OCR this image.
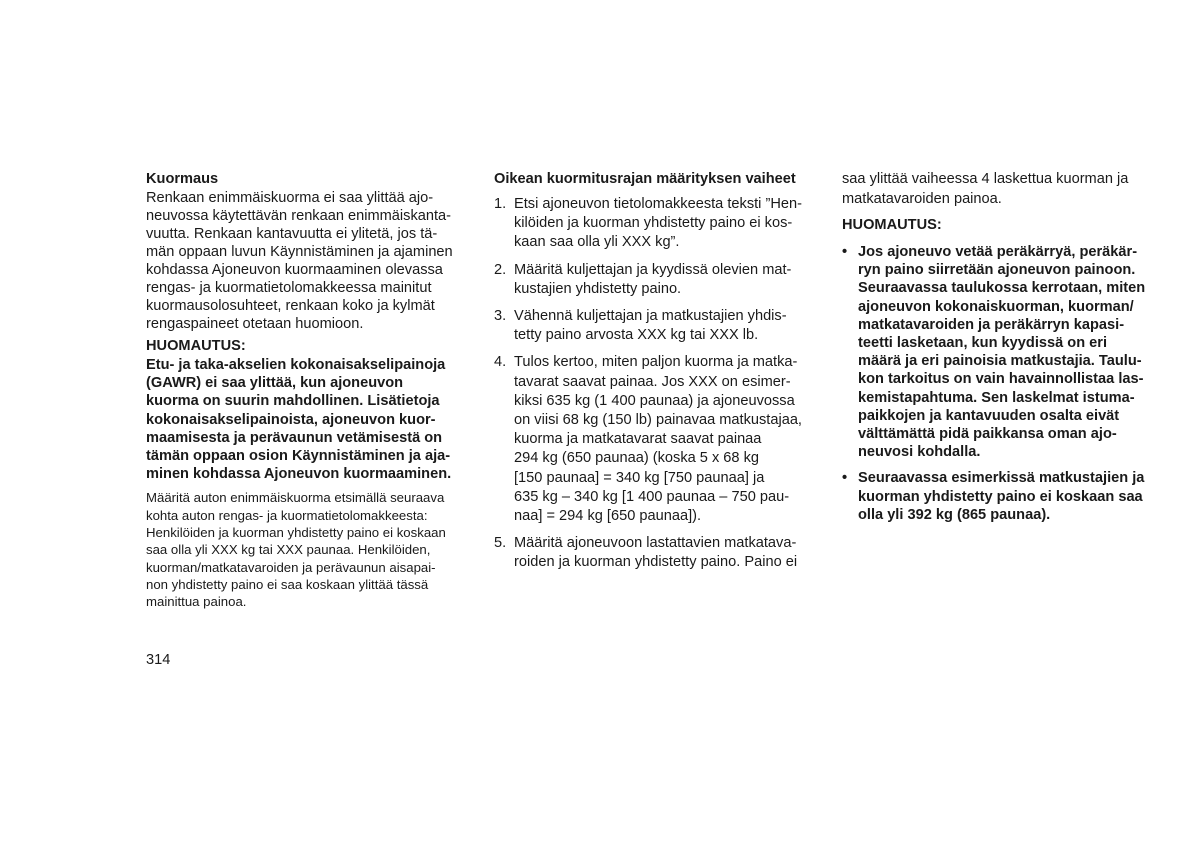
Kuormaus

Renkaan enimmäiskuorma ei saa ylittää ajo-
neuvossa käytettävän renkaan enimmäiskanta-
vuutta. Renkaan kantavuutta ei ylitetä, jos tä-
män oppaan luvun Käynnistäminen ja ajaminen
kohdassa Ajoneuvon kuormaaminen olevassa
rengas- ja kuormatietolomakkeessa mainitut
kuormausolosuhteet, renkaan koko ja kylmät
rengaspaineet otetaan huomioon.

HUOMAUTUS:

Etu- ja taka-akselien kokonaisakselipainoja
(GAWR) ei saa ylittää, kun ajoneuvon
kuorma on suurin mahdollinen. Lisätietoja
kokonaisakselipainoista, ajoneuvon kuor-
maamisesta ja perävaunun vetämisestä on
tämän oppaan osion Käynnistäminen ja aja-
minen kohdassa Ajoneuvon kuormaaminen.

Määritä auton enimmäiskuorma etsimällä seuraava
kohta auton rengas- ja kuormatietolomakkeesta:
Henkilöiden ja kuorman yhdistetty paino ei koskaan
saa olla yli XXX kg tai XXX paunaa. Henkilöiden,
kuorman/matkatavaroiden ja perävaunun aisapai-
non yhdistetty paino ei saa koskaan ylittää tässä
mainittua painoa.

Oikean kuormitusrajan määrityksen vaiheet
1. Etsi ajoneuvon tietolomakkeesta teksti ”Hen-
kilöiden ja kuorman yhdistetty paino ei kos-
kaan saa olla yli XXX kg”.
2. Määritä kuljettajan ja kyydissä olevien mat-
kustajien yhdistetty paino.
3. Vähennä kuljettajan ja matkustajien yhdis-
tetty paino arvosta XXX kg tai XXX lb.
4. Tulos kertoo, miten paljon kuorma ja matka-
tavarat saavat painaa. Jos XXX on esimer-
kiksi 635 kg (1 400 paunaa) ja ajoneuvossa
on viisi 68 kg (150 lb) painavaa matkustajaa,
kuorma ja matkatavarat saavat painaa
294 kg (650 paunaa) (koska 5 x 68 kg
[150 paunaa] = 340 kg [750 paunaa] ja
635 kg – 340 kg [1 400 paunaa – 750 pau-
naa] = 294 kg [650 paunaa]).
5. Määritä ajoneuvoon lastattavien matkatava-
roiden ja kuorman yhdistetty paino. Paino ei

saa ylittää vaiheessa 4 laskettua kuorman ja
matkatavaroiden painoa.

HUOMAUTUS:
• Jos ajoneuvo vetää peräkärryä, peräkär-
ryn paino siirretään ajoneuvon painoon.
Seuraavassa taulukossa kerrotaan, miten
ajoneuvon kokonaiskuorman, kuorman/
matkatavaroiden ja peräkärryn kapasi-
teetti lasketaan, kun kyydissä on eri
määrä ja eri painoisia matkustajia. Taulu-
kon tarkoitus on vain havainnollistaa las-
kemistapahtuma. Sen laskelmat istuma-
paikkojen ja kantavuuden osalta eivät
välttämättä pidä paikkansa oman ajo-
neuvosi kohdalla.
• Seuraavassa esimerkissä matkustajien ja
kuorman yhdistetty paino ei koskaan saa
olla yli 392 kg (865 paunaa).
314
